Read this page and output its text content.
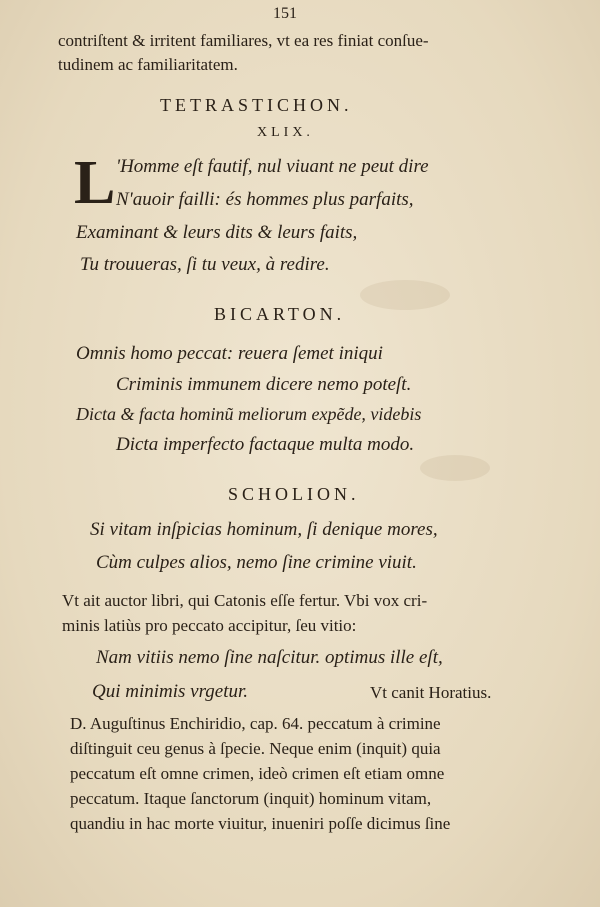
151
contriſtent & irritent familiares, vt ea res finiat conſue-
tudinem ac familiaritatem.
TETRASTICHON.
XLIX.
L 'Homme eſt fautif, nul viuant ne peut dire
N'auoir failli: és hommes plus parfaits,
Examinant & leurs dits & leurs faits,
Tu trouueras, ſi tu veux, à redire.
BICARTON.
Omnis homo peccat: reuera ſemet iniqui
Criminis immunem dicere nemo poteſt.
Dicta & facta hominũ meliorum expẽde, videbis
Dicta imperfecto factaque multa modo.
SCHOLION.
Si vitam inſpicias hominum, ſi denique mores,
Cùm culpes alios, nemo ſine crimine viuit.
Vt ait auctor libri, qui Catonis eſſe fertur. Vbi vox cri-
minis latiùs pro peccato accipitur, ſeu vitio:
Nam vitiis nemo ſine naſcitur. optimus ille eſt,
Qui minimis vrgetur.	Vt canit Horatius.
D. Auguſtinus Enchiridio, cap. 64. peccatum à crimine
diſtinguit ceu genus à ſpecie. Neque enim (inquit) quia
peccatum eſt omne crimen, ideò crimen eſt etiam omne
peccatum. Itaque ſanctorum (inquit) hominum vitam,
quandiu in hac morte viuitur, inueniri poſſe dicimus ſine
